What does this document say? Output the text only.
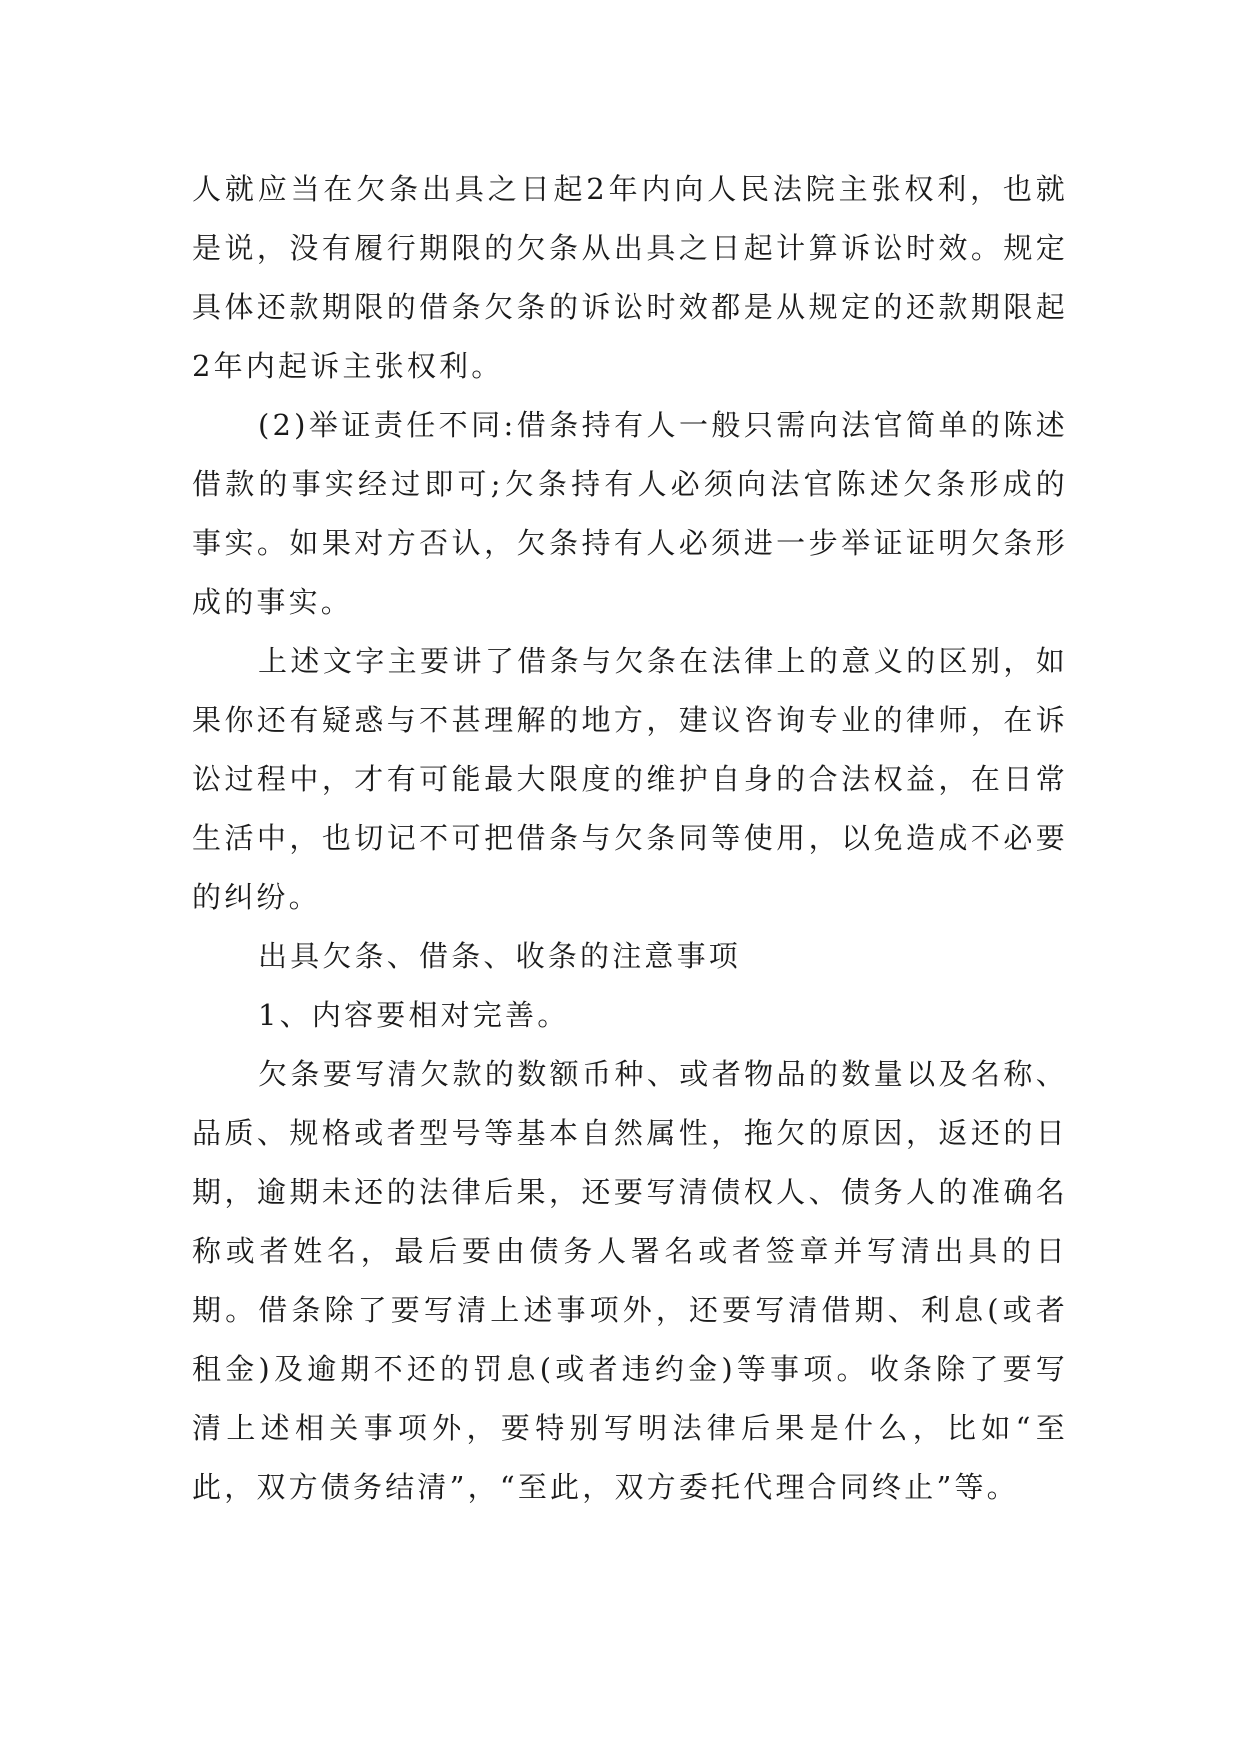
人就应当在欠条出具之日起2年内向人民法院主张权利，也就是说，没有履行期限的欠条从出具之日起计算诉讼时效。规定具体还款期限的借条欠条的诉讼时效都是从规定的还款期限起2年内起诉主张权利。

(2)举证责任不同:借条持有人一般只需向法官简单的陈述借款的事实经过即可;欠条持有人必须向法官陈述欠条形成的事实。如果对方否认，欠条持有人必须进一步举证证明欠条形成的事实。

上述文字主要讲了借条与欠条在法律上的意义的区别，如果你还有疑惑与不甚理解的地方，建议咨询专业的律师，在诉讼过程中，才有可能最大限度的维护自身的合法权益，在日常生活中，也切记不可把借条与欠条同等使用，以免造成不必要的纠纷。

出具欠条、借条、收条的注意事项

1、内容要相对完善。

欠条要写清欠款的数额币种、或者物品的数量以及名称、品质、规格或者型号等基本自然属性，拖欠的原因，返还的日期，逾期未还的法律后果，还要写清债权人、债务人的准确名称或者姓名，最后要由债务人署名或者签章并写清出具的日期。借条除了要写清上述事项外，还要写清借期、利息(或者租金)及逾期不还的罚息(或者违约金)等事项。收条除了要写清上述相关事项外，要特别写明法律后果是什么，比如“至此，双方债务结清”，“至此，双方委托代理合同终止”等。
